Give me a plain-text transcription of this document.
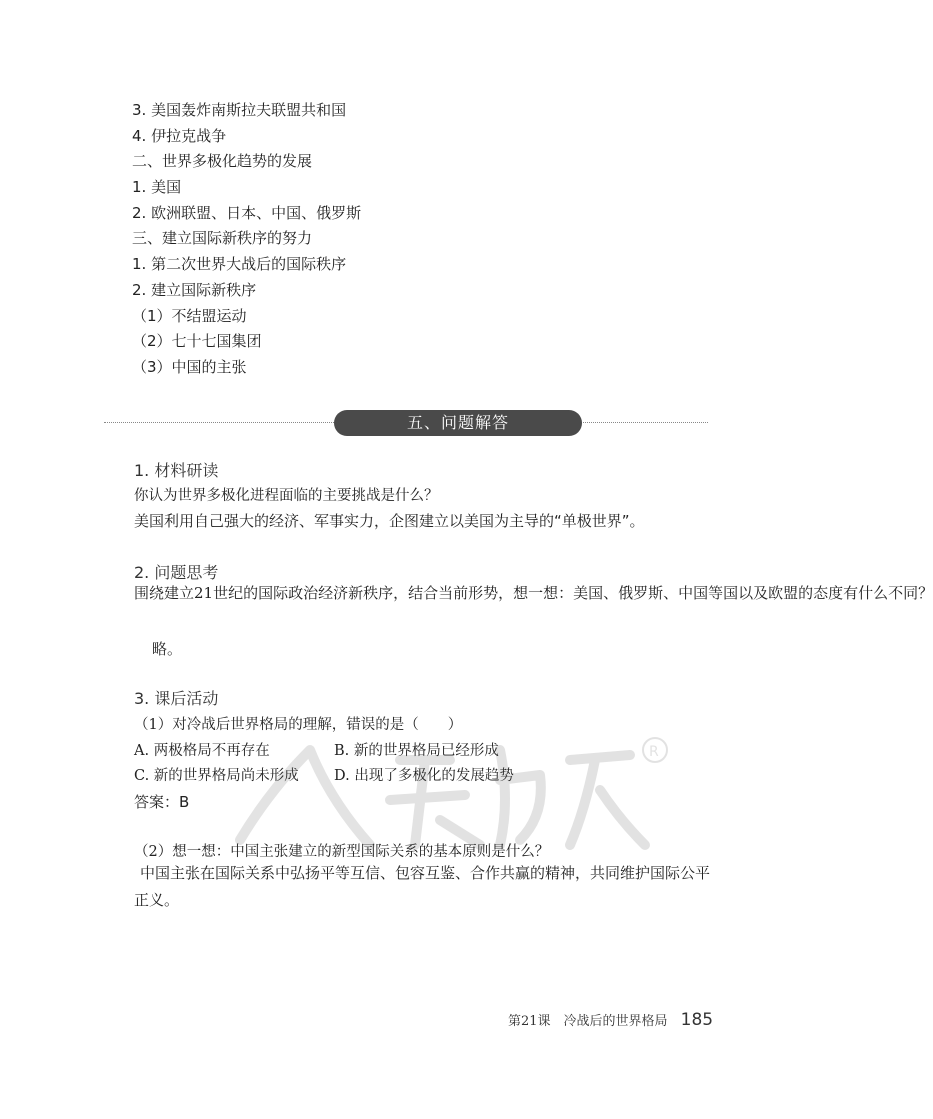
3. 美国轰炸南斯拉夫联盟共和国
4. 伊拉克战争
二、世界多极化趋势的发展
1. 美国
2. 欧洲联盟、日本、中国、俄罗斯
三、建立国际新秩序的努力
1. 第二次世界大战后的国际秩序
2. 建立国际新秩序
（1）不结盟运动
（2）七十七国集团
（3）中国的主张
五、问题解答
1. 材料研读
你认为世界多极化进程面临的主要挑战是什么？
美国利用自己强大的经济、军事实力，企图建立以美国为主导的“单极世界”。
2. 问题思考
围绕建立21世纪的国际政治经济新秩序，结合当前形势，想一想：美国、俄罗斯、中国等国以及欧盟的态度有什么不同？
略。
3. 课后活动
（1）对冷战后世界格局的理解，错误的是（　　）
A. 两极格局不再存在	B. 新的世界格局已经形成
C. 新的世界格局尚未形成 D. 出现了多极化的发展趋势
答案：B
（2）想一想：中国主张建立的新型国际关系的基本原则是什么？
中国主张在国际关系中弘扬平等互信、包容互鉴、合作共赢的精神，共同维护国际公平正义。
R
第21课　冷战后的世界格局 185
